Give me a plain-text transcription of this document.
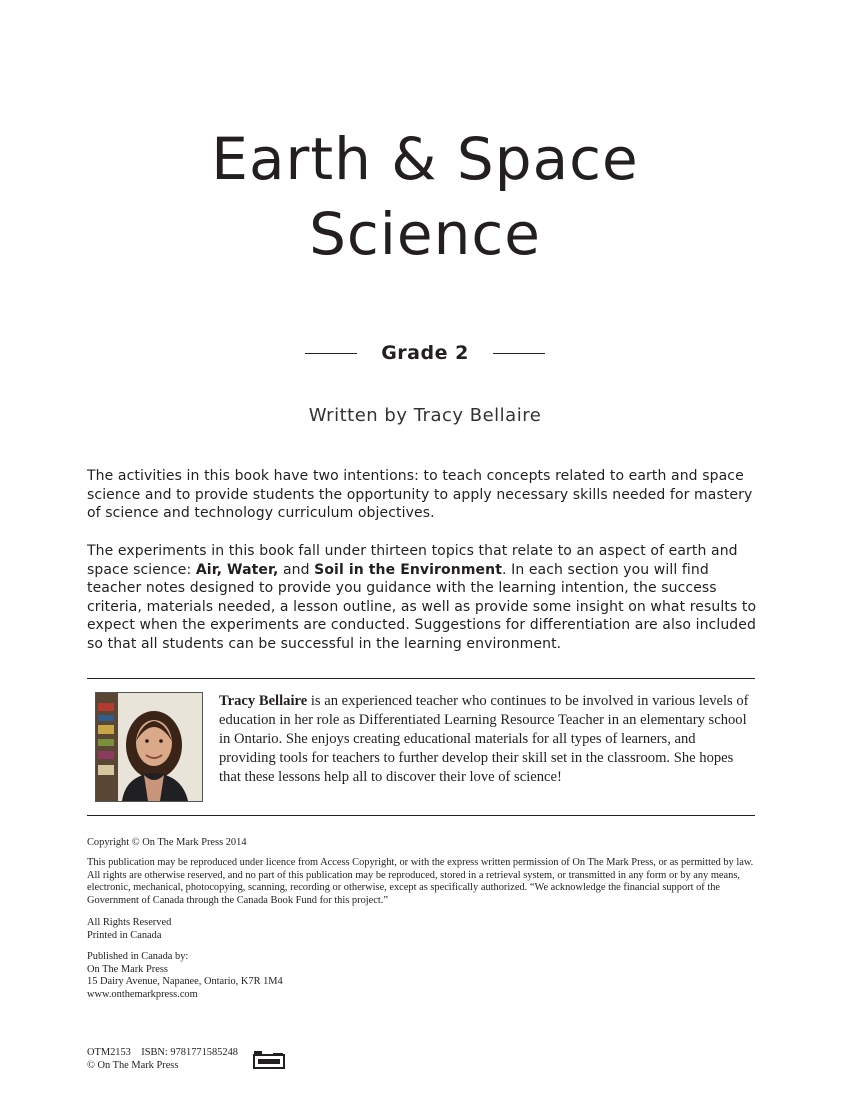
Earth & Space
Science
Grade 2
Written by Tracy Bellaire

The activities in this book have two intentions: to teach concepts related to earth and space science and to provide students the opportunity to apply necessary skills needed for mastery of science and technology curriculum objectives.

The experiments in this book fall under thirteen topics that relate to an aspect of earth and space science: Air, Water, and Soil in the Environment. In each section you will find teacher notes designed to provide you guidance with the learning intention, the success criteria, materials needed, a lesson outline, as well as provide some insight on what results to expect when the experiments are conducted. Suggestions for differentiation are also included so that all students can be successful in the learning environment.

Tracy Bellaire is an experienced teacher who continues to be involved in various levels of education in her role as Differentiated Learning Resource Teacher in an elementary school in Ontario. She enjoys creating educational materials for all types of learners, and providing tools for teachers to further develop their skill set in the classroom. She hopes that these lessons help all to discover their love of science!

Copyright © On The Mark Press 2014

This publication may be reproduced under licence from Access Copyright, or with the express written permission of On The Mark Press, or as permitted by law. All rights are otherwise reserved, and no part of this publication may be reproduced, stored in a retrieval system, or transmitted in any form or by any means, electronic, mechanical, photocopying, scanning, recording or otherwise, except as specifically authorized. “We acknowledge the financial support of the Government of Canada through the Canada Book Fund for this project.”

All Rights Reserved
Printed in Canada

Published in Canada by:
On The Mark Press
15 Dairy Avenue, Napanee, Ontario, K7R 1M4
www.onthemarkpress.com

OTM2153    ISBN: 9781771585248
© On The Mark Press
